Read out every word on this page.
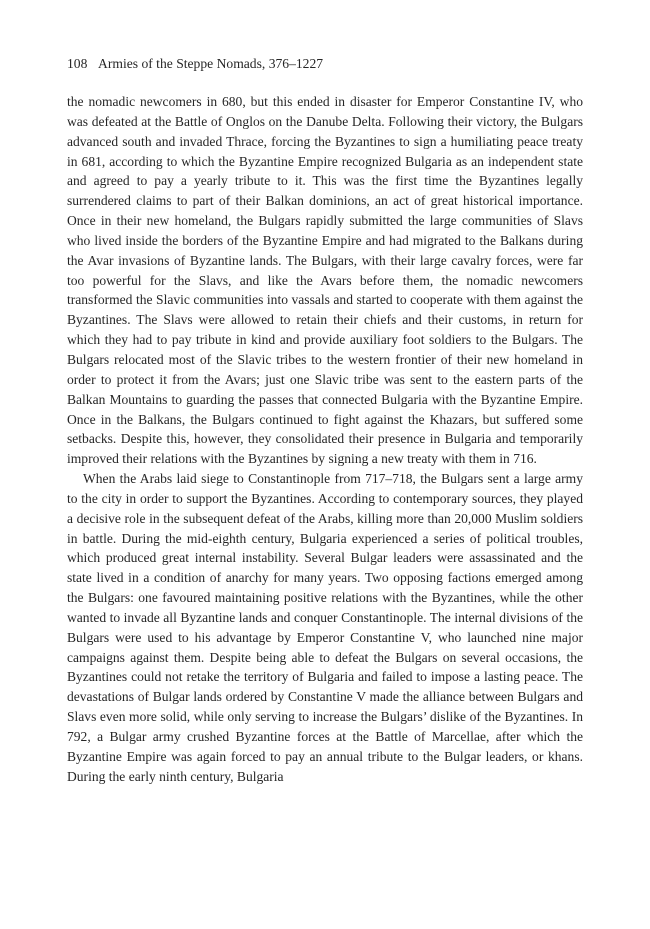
108 Armies of the Steppe Nomads, 376–1227

the nomadic newcomers in 680, but this ended in disaster for Emperor Constantine IV, who was defeated at the Battle of Onglos on the Danube Delta. Following their victory, the Bulgars advanced south and invaded Thrace, forcing the Byzantines to sign a humiliating peace treaty in 681, according to which the Byzantine Empire recognized Bulgaria as an independent state and agreed to pay a yearly tribute to it. This was the first time the Byzantines legally surrendered claims to part of their Balkan dominions, an act of great historical importance. Once in their new homeland, the Bulgars rapidly submitted the large communities of Slavs who lived inside the borders of the Byzantine Empire and had migrated to the Balkans during the Avar invasions of Byzantine lands. The Bulgars, with their large cavalry forces, were far too powerful for the Slavs, and like the Avars before them, the nomadic newcomers transformed the Slavic communities into vassals and started to cooperate with them against the Byzantines. The Slavs were allowed to retain their chiefs and their customs, in return for which they had to pay tribute in kind and provide auxiliary foot soldiers to the Bulgars. The Bulgars relocated most of the Slavic tribes to the western frontier of their new homeland in order to protect it from the Avars; just one Slavic tribe was sent to the eastern parts of the Balkan Mountains to guarding the passes that connected Bulgaria with the Byzantine Empire. Once in the Balkans, the Bulgars continued to fight against the Khazars, but suffered some setbacks. Despite this, however, they consolidated their presence in Bulgaria and temporarily improved their relations with the Byzantines by signing a new treaty with them in 716.

When the Arabs laid siege to Constantinople from 717–718, the Bulgars sent a large army to the city in order to support the Byzantines. According to contemporary sources, they played a decisive role in the subsequent defeat of the Arabs, killing more than 20,000 Muslim soldiers in battle. During the mid-eighth century, Bulgaria experienced a series of political troubles, which produced great internal instability. Several Bulgar leaders were assassinated and the state lived in a condition of anarchy for many years. Two opposing factions emerged among the Bulgars: one favoured maintaining positive relations with the Byzantines, while the other wanted to invade all Byzantine lands and conquer Constantinople. The internal divisions of the Bulgars were used to his advantage by Emperor Constantine V, who launched nine major campaigns against them. Despite being able to defeat the Bulgars on several occasions, the Byzantines could not retake the territory of Bulgaria and failed to impose a lasting peace. The devastations of Bulgar lands ordered by Constantine V made the alliance between Bulgars and Slavs even more solid, while only serving to increase the Bulgars’ dislike of the Byzantines. In 792, a Bulgar army crushed Byzantine forces at the Battle of Marcellae, after which the Byzantine Empire was again forced to pay an annual tribute to the Bulgar leaders, or khans. During the early ninth century, Bulgaria
